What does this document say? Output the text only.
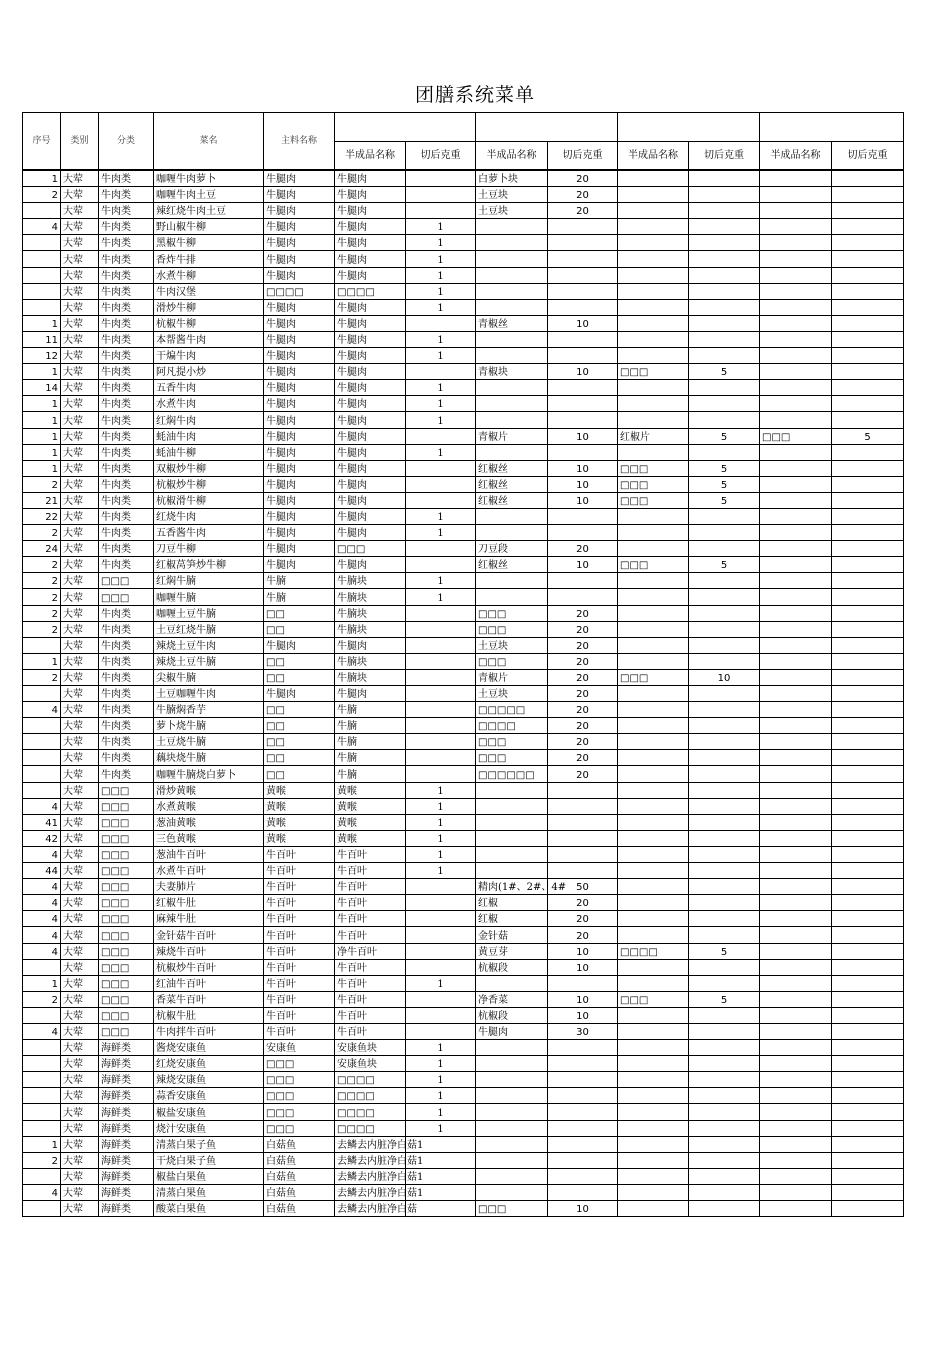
团膳系统菜单
序号	类别	分类	菜名	主料名称								
					半成品名称	切后克重	半成品名称	切后克重	半成品名称	切后克重	半成品名称	切后克重
1	大荤	牛肉类	咖喱牛肉萝卜	牛腿肉	牛腿肉		白萝卜块	20				
2	大荤	牛肉类	咖喱牛肉土豆	牛腿肉	牛腿肉		土豆块	20				
	大荤	牛肉类	辣红烧牛肉土豆	牛腿肉	牛腿肉		土豆块	20				
4	大荤	牛肉类	野山椒牛柳	牛腿肉	牛腿肉	1						
	大荤	牛肉类	黑椒牛柳	牛腿肉	牛腿肉	1						
	大荤	牛肉类	香炸牛排	牛腿肉	牛腿肉	1						
	大荤	牛肉类	水煮牛柳	牛腿肉	牛腿肉	1						
	大荤	牛肉类	牛肉汉堡	□□□□	□□□□	1						
	大荤	牛肉类	滑炒牛柳	牛腿肉	牛腿肉	1						
1	大荤	牛肉类	杭椒牛柳	牛腿肉	牛腿肉		青椒丝	10				
11	大荤	牛肉类	本帮酱牛肉	牛腿肉	牛腿肉	1						
12	大荤	牛肉类	干煸牛肉	牛腿肉	牛腿肉	1						
1	大荤	牛肉类	阿凡提小炒	牛腿肉	牛腿肉		青椒块	10	□□□	5		
14	大荤	牛肉类	五香牛肉	牛腿肉	牛腿肉	1						
1	大荤	牛肉类	水煮牛肉	牛腿肉	牛腿肉	1						
1	大荤	牛肉类	红焖牛肉	牛腿肉	牛腿肉	1						
1	大荤	牛肉类	蚝油牛肉	牛腿肉	牛腿肉		青椒片	10	红椒片	5	□□□	5
1	大荤	牛肉类	蚝油牛柳	牛腿肉	牛腿肉	1						
1	大荤	牛肉类	双椒炒牛柳	牛腿肉	牛腿肉		红椒丝	10	□□□	5		
2	大荤	牛肉类	杭椒炒牛柳	牛腿肉	牛腿肉		红椒丝	10	□□□	5		
21	大荤	牛肉类	杭椒滑牛柳	牛腿肉	牛腿肉		红椒丝	10	□□□	5		
22	大荤	牛肉类	红烧牛肉	牛腿肉	牛腿肉	1						
2	大荤	牛肉类	五香酱牛肉	牛腿肉	牛腿肉	1						
24	大荤	牛肉类	刀豆牛柳	牛腿肉	□□□		刀豆段	20				
2	大荤	牛肉类	红椒莴笋炒牛柳	牛腿肉	牛腿肉		红椒丝	10	□□□	5		
2	大荤	□□□	红焖牛腩	牛腩	牛腩块	1						
2	大荤	□□□	咖喱牛腩	牛腩	牛腩块	1						
2	大荤	牛肉类	咖喱土豆牛腩	□□	牛腩块		□□□	20				
2	大荤	牛肉类	土豆红烧牛腩	□□	牛腩块		□□□	20				
	大荤	牛肉类	辣烧土豆牛肉	牛腿肉	牛腿肉		土豆块	20				
1	大荤	牛肉类	辣烧土豆牛腩	□□	牛腩块		□□□	20				
2	大荤	牛肉类	尖椒牛腩	□□	牛腩块		青椒片	20	□□□	10		
	大荤	牛肉类	土豆咖喱牛肉	牛腿肉	牛腿肉		土豆块	20				
4	大荤	牛肉类	牛腩焖香芋	□□	牛腩		□□□□□	20				
	大荤	牛肉类	萝卜烧牛腩	□□	牛腩		□□□□	20				
	大荤	牛肉类	土豆烧牛腩	□□	牛腩		□□□	20				
	大荤	牛肉类	藕块烧牛腩	□□	牛腩		□□□	20				
	大荤	牛肉类	咖喱牛腩烧白萝卜	□□	牛腩		□□□□□□	20				
	大荤	□□□	滑炒黄喉	黄喉	黄喉	1						
4	大荤	□□□	水煮黄喉	黄喉	黄喉	1						
41	大荤	□□□	葱油黄喉	黄喉	黄喉	1						
42	大荤	□□□	三色黄喉	黄喉	黄喉	1						
4	大荤	□□□	葱油牛百叶	牛百叶	牛百叶	1						
44	大荤	□□□	水煮牛百叶	牛百叶	牛百叶	1						
4	大荤	□□□	夫妻肺片	牛百叶	牛百叶		精肉(1#、2#、4#	50				
4	大荤	□□□	红椒牛肚	牛百叶	牛百叶		红椒	20				
4	大荤	□□□	麻辣牛肚	牛百叶	牛百叶		红椒	20				
4	大荤	□□□	金针菇牛百叶	牛百叶	牛百叶		金针菇	20				
4	大荤	□□□	辣烧牛百叶	牛百叶	净牛百叶		黄豆芽	10	□□□□	5		
	大荤	□□□	杭椒炒牛百叶	牛百叶	牛百叶		杭椒段	10				
1	大荤	□□□	红油牛百叶	牛百叶	牛百叶	1						
2	大荤	□□□	香菜牛百叶	牛百叶	牛百叶		净香菜	10	□□□	5		
	大荤	□□□	杭椒牛肚	牛百叶	牛百叶		杭椒段	10				
4	大荤	□□□	牛肉拌牛百叶	牛百叶	牛百叶		牛腿肉	30				
	大荤	海鲜类	酱烧安康鱼	安康鱼	安康鱼块	1						
	大荤	海鲜类	红烧安康鱼	□□□	安康鱼块	1						
	大荤	海鲜类	辣烧安康鱼	□□□	□□□□	1						
	大荤	海鲜类	蒜香安康鱼	□□□	□□□□	1						
	大荤	海鲜类	椒盐安康鱼	□□□	□□□□	1						
	大荤	海鲜类	烧汁安康鱼	□□□	□□□□	1						
1	大荤	海鲜类	清蒸白果子鱼	白菇鱼	去鳞去内脏净白菇1							
2	大荤	海鲜类	干烧白果子鱼	白菇鱼	去鳞去内脏净白菇1							
	大荤	海鲜类	椒盐白果鱼	白菇鱼	去鳞去内脏净白菇1							
4	大荤	海鲜类	清蒸白果鱼	白菇鱼	去鳞去内脏净白菇1							
	大荤	海鲜类	酸菜白果鱼	白菇鱼	去鳞去内脏净白菇		□□□	10				
